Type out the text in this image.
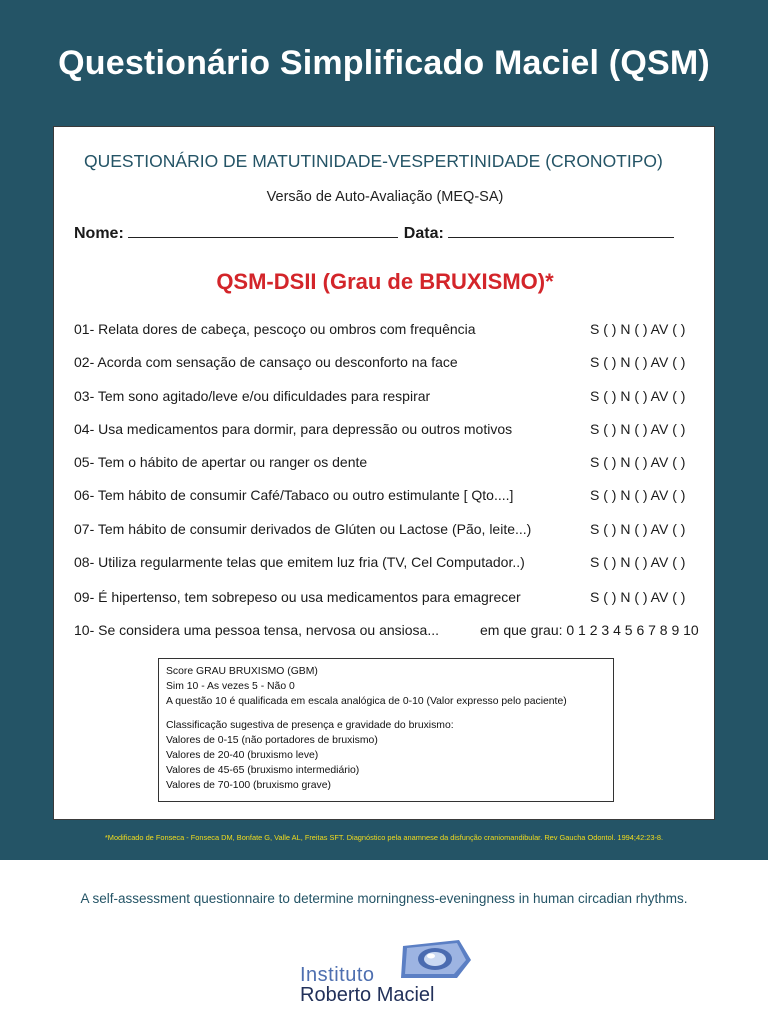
Questionário Simplificado Maciel (QSM)
QUESTIONÁRIO DE MATUTINIDADE-VESPERTINIDADE (CRONOTIPO)
Versão de Auto-Avaliação (MEQ-SA)
Nome:	Data:
QSM-DSII (Grau de BRUXISMO)*
01- Relata dores de cabeça, pescoço ou ombros com frequência	S ( ) N ( ) AV ( )
02- Acorda com sensação de cansaço ou desconforto na face	S ( ) N ( ) AV ( )
03- Tem sono agitado/leve e/ou dificuldades para respirar	S ( ) N ( ) AV ( )
04- Usa medicamentos para dormir, para depressão ou outros motivos	S ( ) N ( ) AV ( )
05- Tem o hábito de apertar ou ranger os dente	S ( ) N ( ) AV ( )
06- Tem hábito de consumir Café/Tabaco ou outro estimulante [ Qto....]	S ( ) N ( ) AV ( )
07- Tem hábito de consumir derivados de Glúten ou Lactose (Pão, leite...)	S ( ) N ( ) AV ( )
08- Utiliza regularmente telas que emitem luz fria (TV, Cel Computador..)	S ( ) N ( ) AV ( )
09- É hipertenso, tem sobrepeso ou usa medicamentos para emagrecer	S ( ) N ( ) AV ( )
10- Se considera uma pessoa tensa, nervosa ou ansiosa...	em que grau: 0 1 2 3 4 5 6 7 8 9 10
Score GRAU BRUXISMO (GBM)
Sim 10 - As vezes 5 - Não 0
A questão 10 é qualificada em escala analógica de 0-10 (Valor expresso pelo paciente)
Classificação sugestiva de presença e gravidade do bruxismo:
Valores de 0-15 (não portadores de bruxismo)
Valores de 20-40 (bruxismo leve)
Valores de 45-65 (bruxismo intermediário)
Valores de 70-100 (bruxismo grave)
*Modificado de Fonseca - Fonseca DM, Bonfate G, Valle AL, Freitas SFT. Diagnóstico pela anamnese da disfunção craniomandibular. Rev Gaucha Odontol. 1994;42:23-8.
A self-assessment questionnaire to determine morningness-eveningness in human circadian rhythms.
Instituto
Roberto Maciel
